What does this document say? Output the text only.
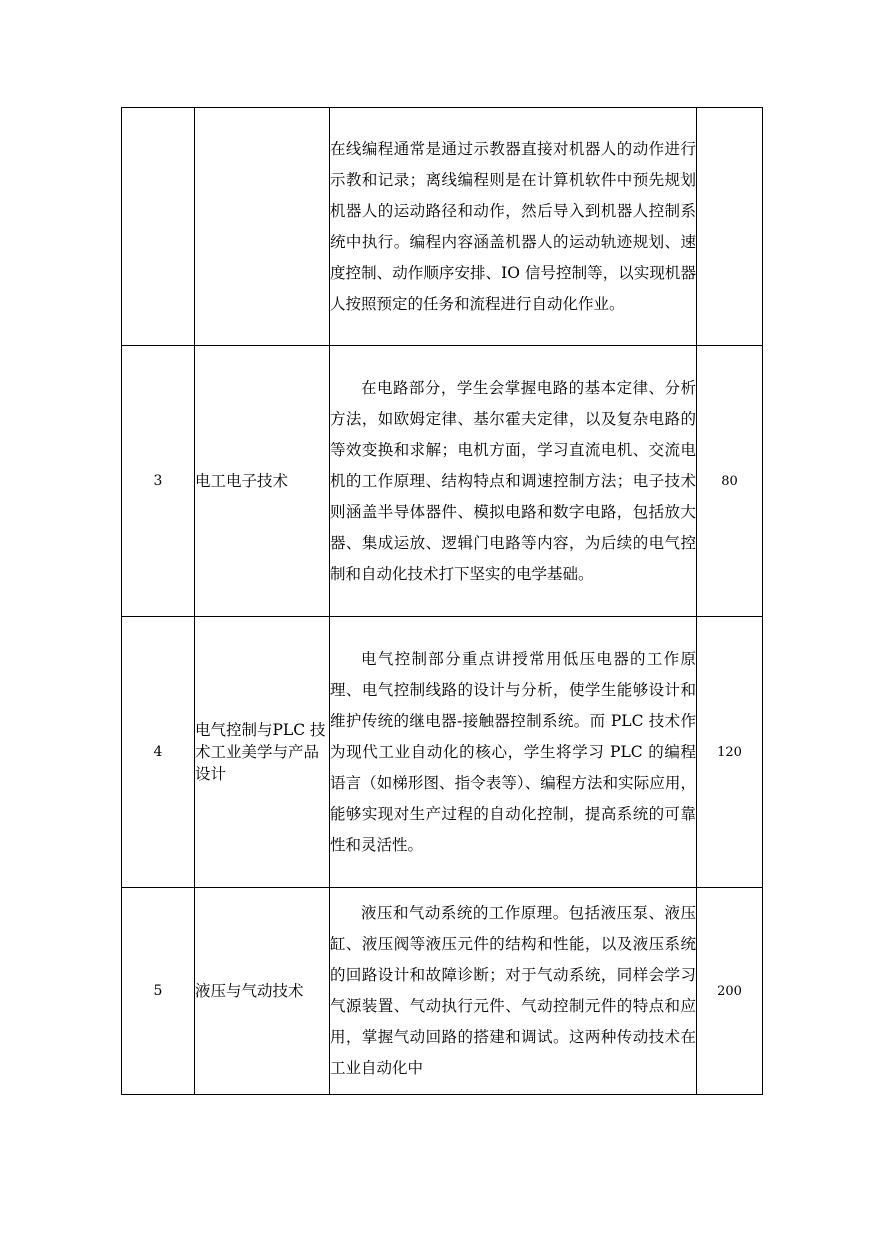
		在线编程通常是通过示教器直接对机器人的动作进行示教和记录；离线编程则是在计算机软件中预先规划机器人的运动路径和动作，然后导入到机器人控制系统中执行。编程内容涵盖机器人的运动轨迹规划、速度控制、动作顺序安排、IO 信号控制等，以实现机器人按照预定的任务和流程进行自动化作业。	

3	电工电子技术	在电路部分，学生会掌握电路的基本定律、分析方法，如欧姆定律、基尔霍夫定律，以及复杂电路的等效变换和求解；电机方面，学习直流电机、交流电机的工作原理、结构特点和调速控制方法；电子技术则涵盖半导体器件、模拟电路和数字电路，包括放大器、集成运放、逻辑门电路等内容，为后续的电气控制和自动化技术打下坚实的电学基础。	80
4	电气控制与PLC 技术工业美学与产品设计	电气控制部分重点讲授常用低压电器的工作原理、电气控制线路的设计与分析，使学生能够设计和维护传统的继电器-接触器控制系统。而 PLC 技术作为现代工业自动化的核心，学生将学习 PLC 的编程语言（如梯形图、指令表等）、编程方法和实际应用，能够实现对生产过程的自动化控制，提高系统的可靠性和灵活性。	120
5	液压与气动技术	液压和气动系统的工作原理。包括液压泵、液压缸、液压阀等液压元件的结构和性能，以及液压系统的回路设计和故障诊断；对于气动系统，同样会学习气源装置、气动执行元件、气动控制元件的特点和应用，掌握气动回路的搭建和调试。这两种传动技术在工业自动化中	200
